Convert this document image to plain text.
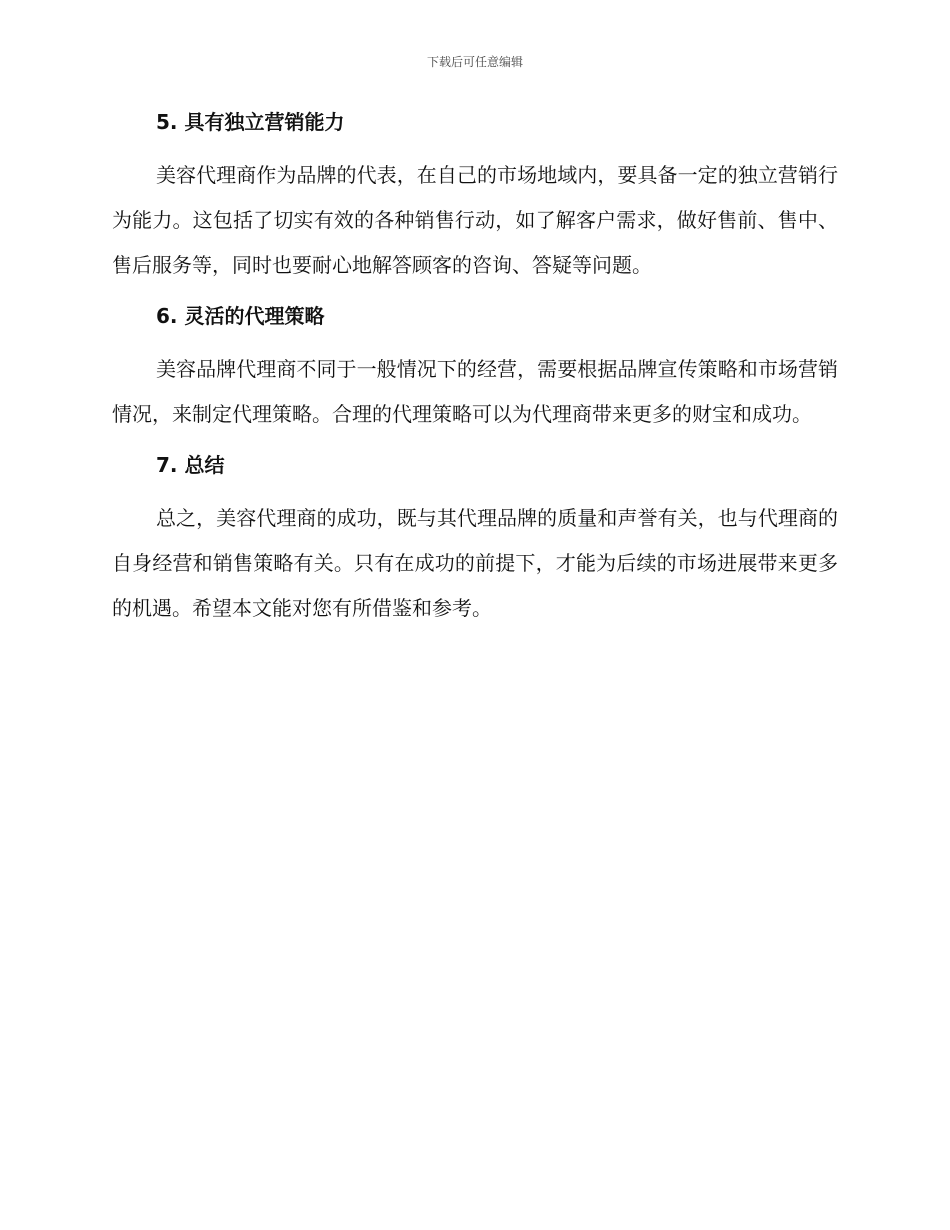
下载后可任意编辑
5. 具有独立营销能力

美容代理商作为品牌的代表，在自己的市场地域内，要具备一定的独立营销行为能力。这包括了切实有效的各种销售行动，如了解客户需求，做好售前、售中、售后服务等，同时也要耐心地解答顾客的咨询、答疑等问题。

6. 灵活的代理策略

美容品牌代理商不同于一般情况下的经营，需要根据品牌宣传策略和市场营销情况，来制定代理策略。合理的代理策略可以为代理商带来更多的财宝和成功。

7. 总结

总之，美容代理商的成功，既与其代理品牌的质量和声誉有关，也与代理商的自身经营和销售策略有关。只有在成功的前提下，才能为后续的市场进展带来更多的机遇。希望本文能对您有所借鉴和参考。
